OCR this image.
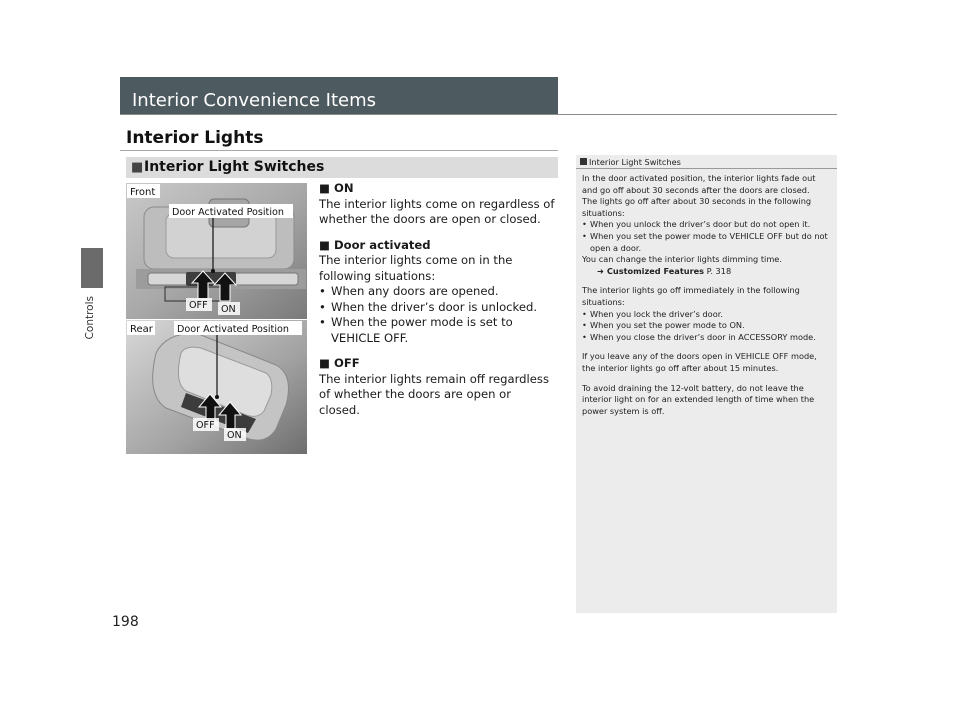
Controls
198
Interior Convenience Items
Interior Lights
■ Interior Light Switches
Front
Door Activated Position
OFF ON
Rear	Door Activated Position
OFF
ON
■ ON
The interior lights come on regardless of whether the doors are open or closed.
■ Door activated
The interior lights come on in the following situations:
• When any doors are opened.
• When the driver’s door is unlocked.
• When the power mode is set to VEHICLE OFF.
■ OFF
The interior lights remain off regardless of whether the doors are open or closed.
Interior Light Switches

In the door activated position, the interior lights fade out and go off about 30 seconds after the doors are closed.

The lights go off after about 30 seconds in the following situations:

• When you unlock the driver’s door but do not open it.

• When you set the power mode to VEHICLE OFF but do not open a door.

You can change the interior lights dimming time.

➜ Customized Features P. 318

The interior lights go off immediately in the following situations:

• When you lock the driver’s door.

• When you set the power mode to ON.

• When you close the driver’s door in ACCESSORY mode.

If you leave any of the doors open in VEHICLE OFF mode, the interior lights go off after about 15 minutes.

To avoid draining the 12-volt battery, do not leave the interior light on for an extended length of time when the power system is off.
